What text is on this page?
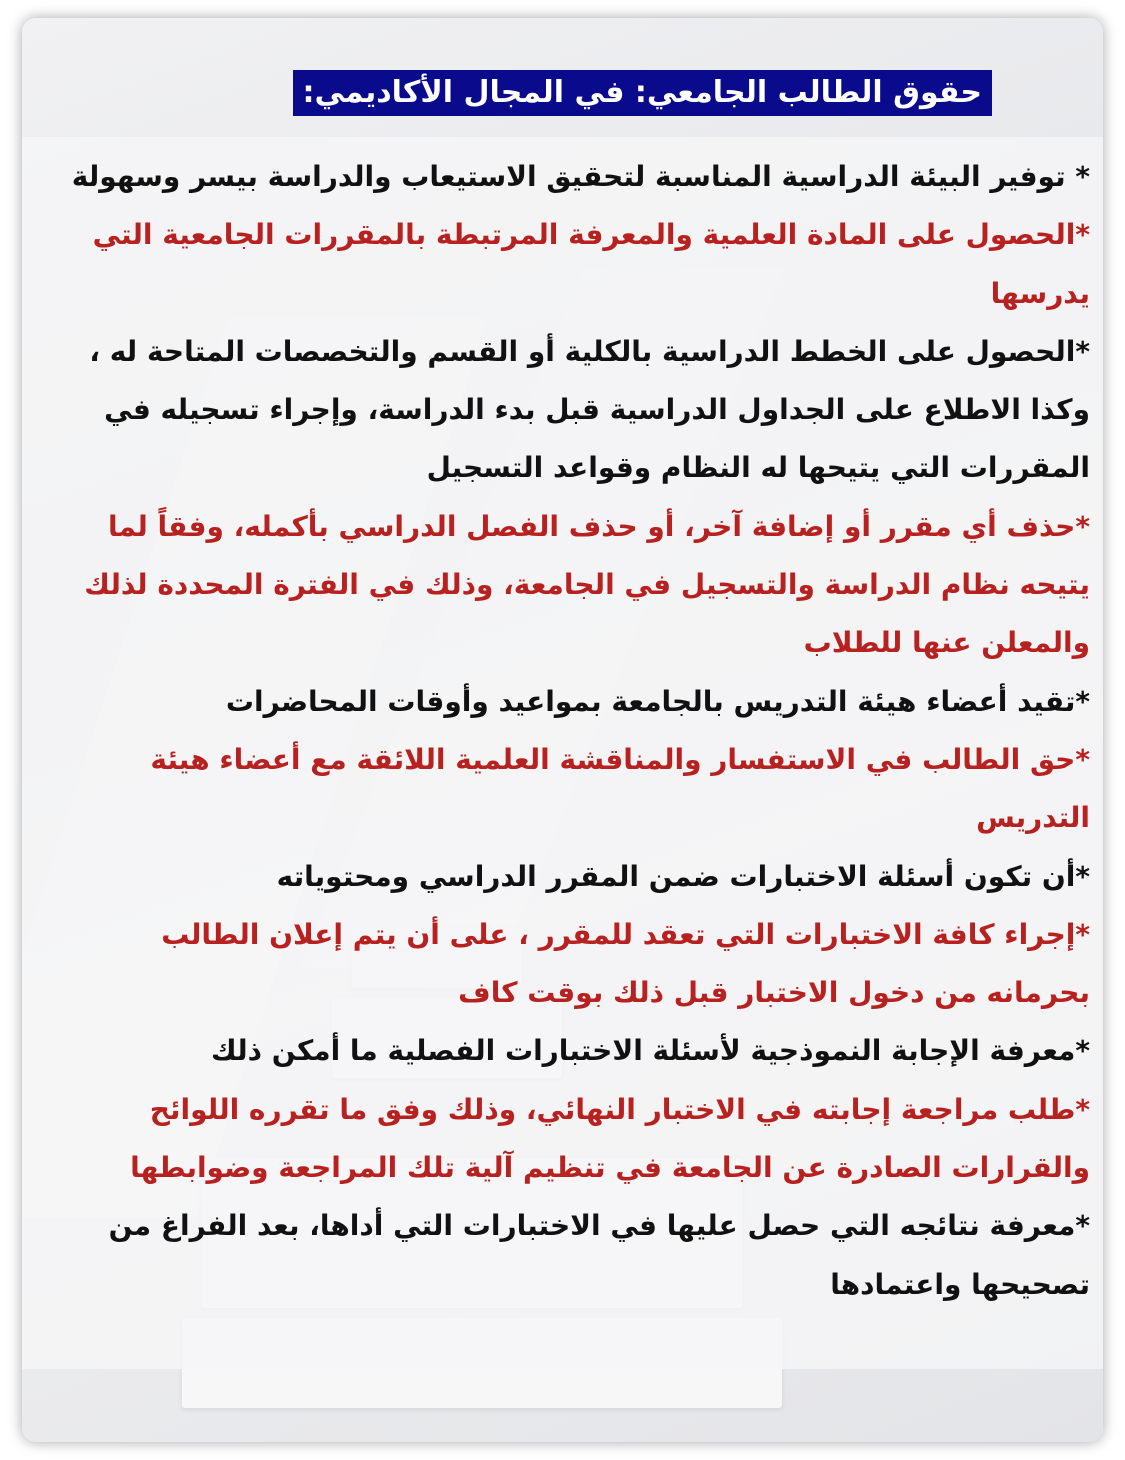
حقوق الطالب الجامعي: في المجال الأكاديمي:
* توفير البيئة الدراسية المناسبة لتحقيق الاستيعاب والدراسة بيسر وسهولة
*الحصول على المادة العلمية والمعرفة المرتبطة بالمقررات الجامعية التي
يدرسها
*الحصول على الخطط الدراسية بالكلية أو القسم والتخصصات المتاحة له ،
وكذا الاطلاع على الجداول الدراسية قبل بدء الدراسة، وإجراء تسجيله في
المقررات التي يتيحها له النظام وقواعد التسجيل
*حذف أي مقرر أو إضافة آخر، أو حذف الفصل الدراسي بأكمله، وفقاً لما
يتيحه نظام الدراسة والتسجيل في الجامعة، وذلك في الفترة المحددة لذلك
والمعلن عنها للطلاب
*تقيد أعضاء هيئة التدريس بالجامعة بمواعيد وأوقات المحاضرات
*حق الطالب في الاستفسار والمناقشة العلمية اللائقة مع أعضاء هيئة
التدريس
*أن تكون أسئلة الاختبارات ضمن المقرر الدراسي ومحتوياته
*إجراء كافة الاختبارات التي تعقد للمقرر ، على أن يتم إعلان الطالب
بحرمانه من دخول الاختبار قبل ذلك بوقت كاف
*معرفة الإجابة النموذجية لأسئلة الاختبارات الفصلية ما أمكن ذلك
*طلب مراجعة إجابته في الاختبار النهائي، وذلك وفق ما تقرره اللوائح
والقرارات الصادرة عن الجامعة في تنظيم آلية تلك المراجعة وضوابطها
*معرفة نتائجه التي حصل عليها في الاختبارات التي أداها، بعد الفراغ من
تصحيحها واعتمادها
